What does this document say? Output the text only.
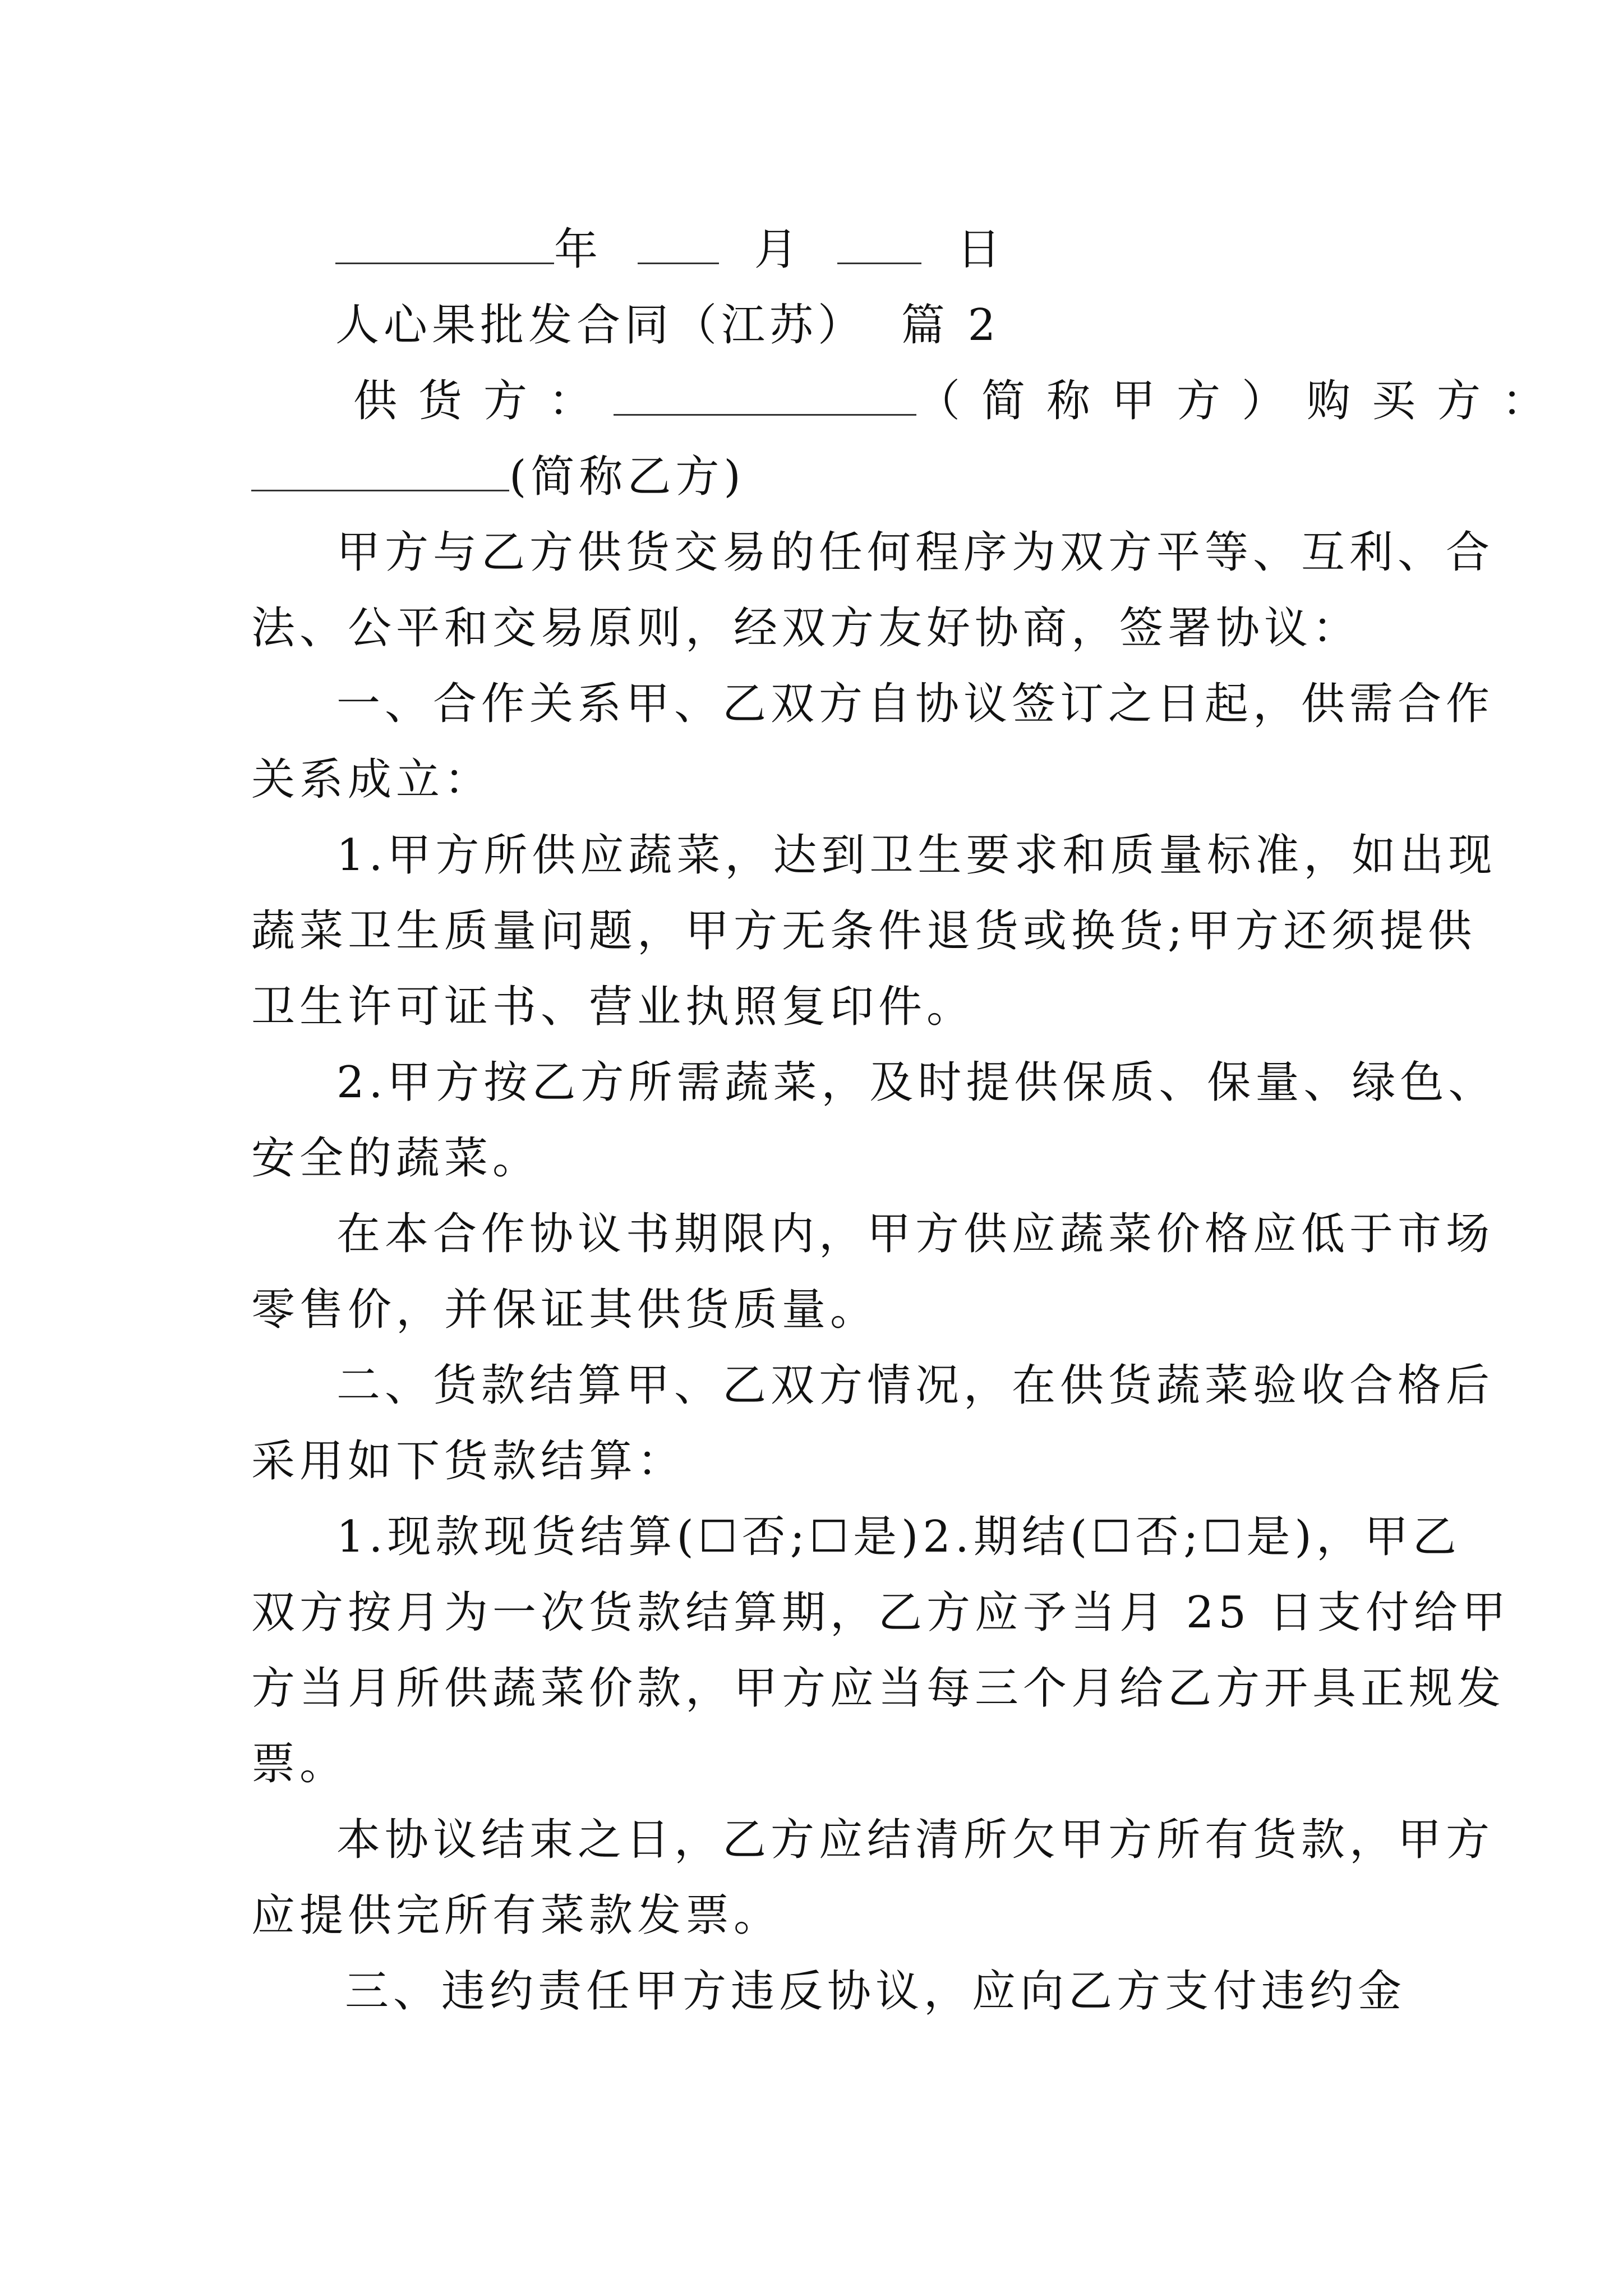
年	月	日
人心果批发合同（江苏） 篇 2
供货方：	（简称甲方）购买方：
(简称乙方)
甲方与乙方供货交易的任何程序为双方平等、互利、合
法、公平和交易原则，经双方友好协商，签署协议：
一、合作关系甲、乙双方自协议签订之日起，供需合作
关系成立：
1.甲方所供应蔬菜，达到卫生要求和质量标准，如出现
蔬菜卫生质量问题，甲方无条件退货或换货;甲方还须提供
卫生许可证书、营业执照复印件。
2.甲方按乙方所需蔬菜，及时提供保质、保量、绿色、
安全的蔬菜。
在本合作协议书期限内，甲方供应蔬菜价格应低于市场
零售价，并保证其供货质量。
二、货款结算甲、乙双方情况，在供货蔬菜验收合格后
采用如下货款结算：
1.现款现货结算(☐否;☐是)2.期结(☐否;☐是)，甲乙
双方按月为一次货款结算期，乙方应予当月 25 日支付给甲
方当月所供蔬菜价款，甲方应当每三个月给乙方开具正规发
票。
本协议结束之日，乙方应结清所欠甲方所有货款，甲方
应提供完所有菜款发票。
三、违约责任甲方违反协议，应向乙方支付违约金
